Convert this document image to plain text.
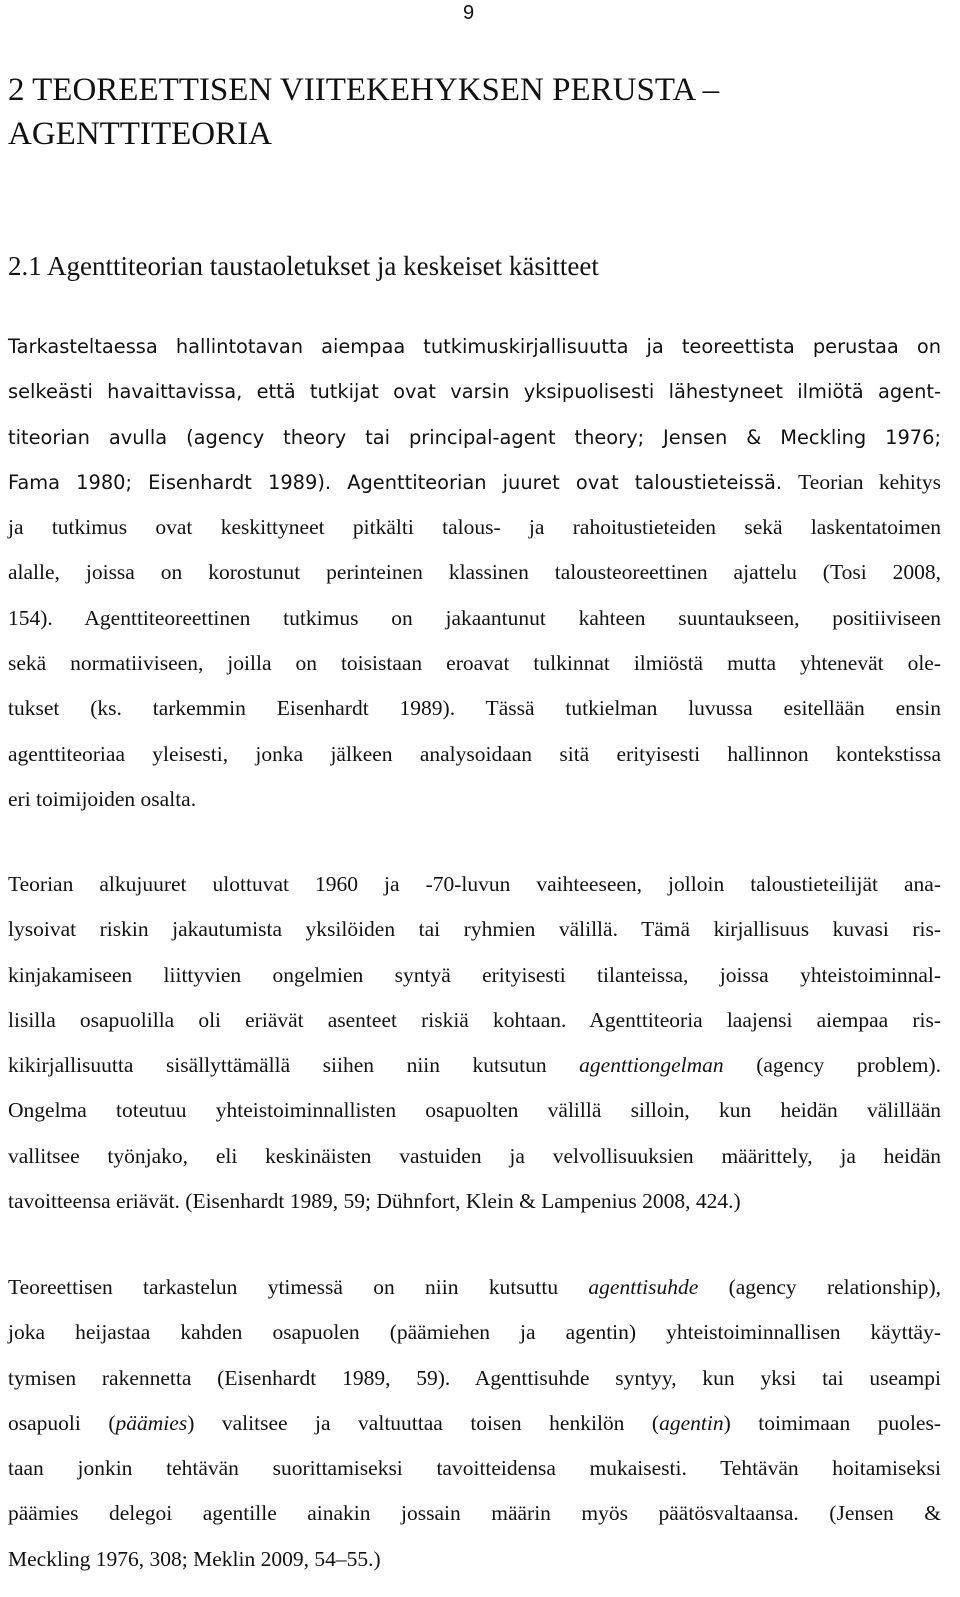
9
2 TEOREETTISEN VIITEKEHYKSEN PERUSTA –
AGENTTITEORIA
2.1 Agenttiteorian taustaoletukset ja keskeiset käsitteet

Tarkasteltaessa hallintotavan aiempaa tutkimuskirjallisuutta ja teoreettista perustaa on
selkeästi havaittavissa, että tutkijat ovat varsin yksipuolisesti lähestyneet ilmiötä agent-
titeorian avulla (agency theory tai principal-agent theory; Jensen & Meckling 1976;
Fama 1980; Eisenhardt 1989). Agenttiteorian juuret ovat taloustieteissä. Teorian kehitys
ja tutkimus ovat keskittyneet pitkälti talous- ja rahoitustieteiden sekä laskentatoimen
alalle, joissa on korostunut perinteinen klassinen talousteoreettinen ajattelu (Tosi 2008,
154). Agenttiteoreettinen tutkimus on jakaantunut kahteen suuntaukseen, positiiviseen
sekä normatiiviseen, joilla on toisistaan eroavat tulkinnat ilmiöstä mutta yhtenevät ole-
tukset (ks. tarkemmin Eisenhardt 1989). Tässä tutkielman luvussa esitellään ensin
agenttiteoriaa yleisesti, jonka jälkeen analysoidaan sitä erityisesti hallinnon kontekstissa
eri toimijoiden osalta.

Teorian alkujuuret ulottuvat 1960 ja -70-luvun vaihteeseen, jolloin taloustieteilijät ana-
lysoivat riskin jakautumista yksilöiden tai ryhmien välillä. Tämä kirjallisuus kuvasi ris-
kinjakamiseen liittyvien ongelmien syntyä erityisesti tilanteissa, joissa yhteistoiminnal-
lisilla osapuolilla oli eriävät asenteet riskiä kohtaan. Agenttiteoria laajensi aiempaa ris-
kikirjallisuutta sisällyttämällä siihen niin kutsutun agenttiongelman (agency problem).
Ongelma toteutuu yhteistoiminnallisten osapuolten välillä silloin, kun heidän välillään
vallitsee työnjako, eli keskinäisten vastuiden ja velvollisuuksien määrittely, ja heidän
tavoitteensa eriävät. (Eisenhardt 1989, 59; Dühnfort, Klein & Lampenius 2008, 424.)

Teoreettisen tarkastelun ytimessä on niin kutsuttu agenttisuhde (agency relationship),
joka heijastaa kahden osapuolen (päämiehen ja agentin) yhteistoiminnallisen käyttäy-
tymisen rakennetta (Eisenhardt 1989, 59). Agenttisuhde syntyy, kun yksi tai useampi
osapuoli (päämies) valitsee ja valtuuttaa toisen henkilön (agentin) toimimaan puoles-
taan jonkin tehtävän suorittamiseksi tavoitteidensa mukaisesti. Tehtävän hoitamiseksi
päämies delegoi agentille ainakin jossain määrin myös päätösvaltaansa. (Jensen &
Meckling 1976, 308; Meklin 2009, 54–55.)
